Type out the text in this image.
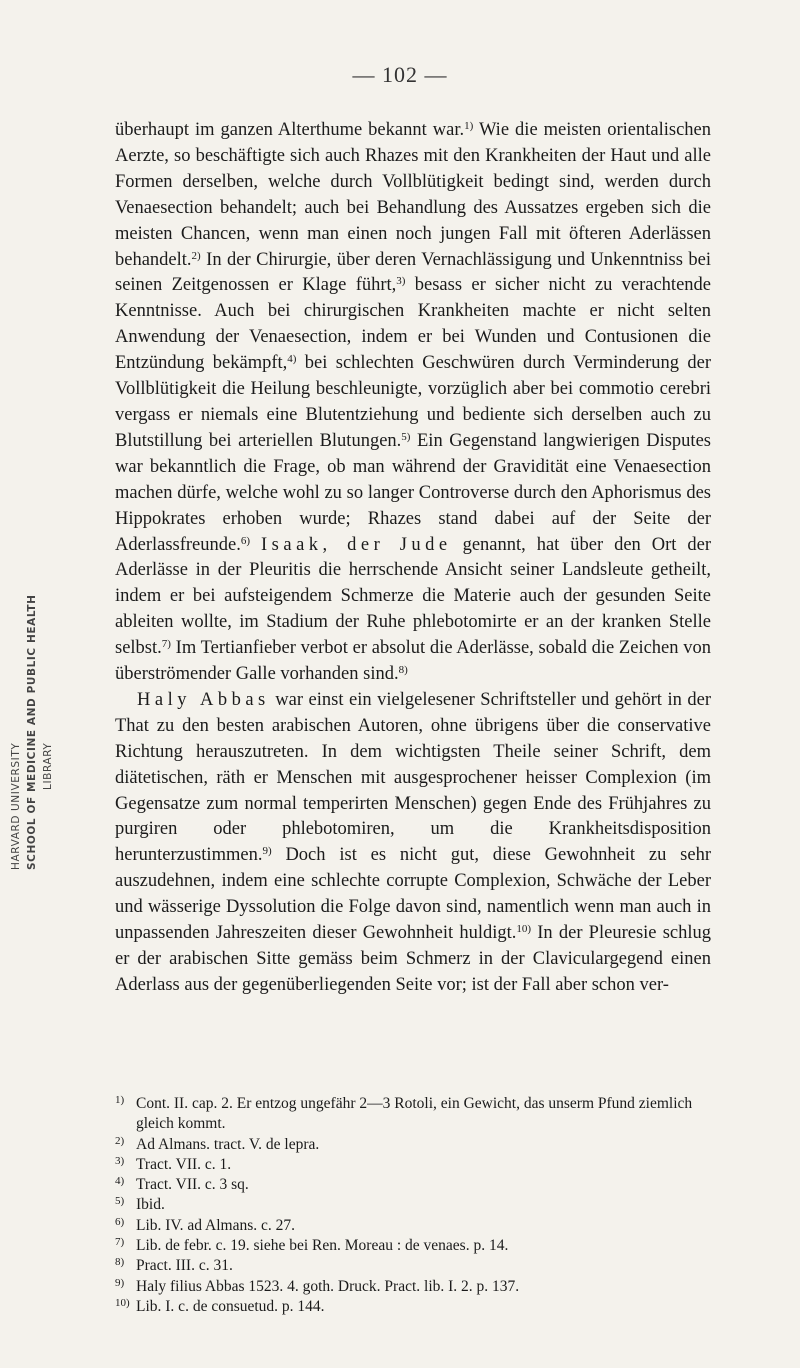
— 102 —
HARVARD UNIVERSITY SCHOOL OF MEDICINE AND PUBLIC HEALTH LIBRARY

überhaupt im ganzen Alterthume bekannt war.$^{1)}$ Wie die meisten orientalischen Aerzte, so beschäftigte sich auch Rhazes mit den Krankheiten der Haut und alle Formen derselben, welche durch Vollblütigkeit bedingt sind, werden durch Venaesection behandelt; auch bei Behandlung des Aussatzes ergeben sich die meisten Chancen, wenn man einen noch jungen Fall mit öfteren Aderlässen behandelt.$^{2)}$ In der Chirurgie, über deren Vernachlässigung und Unkenntniss bei seinen Zeitgenossen er Klage führt,$^{3)}$ besass er sicher nicht zu verachtende Kenntnisse. Auch bei chirurgischen Krankheiten machte er nicht selten Anwendung der Venaesection, indem er bei Wunden und Contusionen die Entzündung bekämpft,$^{4)}$ bei schlechten Geschwüren durch Verminderung der Vollblütigkeit die Heilung beschleunigte, vorzüglich aber bei commotio cerebri vergass er niemals eine Blutentziehung und bediente sich derselben auch zu Blutstillung bei arteriellen Blutungen.$^{5)}$ Ein Gegenstand langwierigen Disputes war bekanntlich die Frage, ob man während der Gravidität eine Venaesection machen dürfe, welche wohl zu so langer Controverse durch den Aphorismus des Hippokrates erhoben wurde; Rhazes stand dabei auf der Seite der Aderlassfreunde.$^{6)}$ Isaak, der Jude genannt, hat über den Ort der Aderlässe in der Pleuritis die herrschende Ansicht seiner Landsleute getheilt, indem er bei aufsteigendem Schmerze die Materie auch der gesunden Seite ableiten wollte, im Stadium der Ruhe phlebotomirte er an der kranken Stelle selbst.$^{7)}$ Im Tertianfieber verbot er absolut die Aderlässe, sobald die Zeichen von überströmender Galle vorhanden sind.$^{8)}$

Haly Abbas war einst ein vielgelesener Schriftsteller und gehört in der That zu den besten arabischen Autoren, ohne übrigens über die conservative Richtung herauszutreten. In dem wichtigsten Theile seiner Schrift, dem diätetischen, räth er Menschen mit ausgesprochener heisser Complexion (im Gegensatze zum normal temperirten Menschen) gegen Ende des Frühjahres zu purgiren oder phlebotomiren, um die Krankheitsdisposition herunterzustimmen.$^{9)}$ Doch ist es nicht gut, diese Gewohnheit zu sehr auszudehnen, indem eine schlechte corrupte Complexion, Schwäche der Leber und wässerige Dyssolution die Folge davon sind, namentlich wenn man auch in unpassenden Jahreszeiten dieser Gewohnheit huldigt.$^{10)}$ In der Pleuresie schlug er der arabischen Sitte gemäss beim Schmerz in der Claviculargegend einen Aderlass aus der gegenüberliegenden Seite vor; ist der Fall aber schon ver-

1) Cont. II. cap. 2. Er entzog ungefähr 2—3 Rotoli, ein Gewicht, das unserm Pfund ziemlich gleich kommt.
2) Ad Almans. tract. V. de lepra.
3) Tract. VII. c. 1.
4) Tract. VII. c. 3 sq.
5) Ibid.
6) Lib. IV. ad Almans. c. 27.
7) Lib. de febr. c. 19. siehe bei Ren. Moreau : de venaes. p. 14.
8) Pract. III. c. 31.
9) Haly filius Abbas 1523. 4. goth. Druck. Pract. lib. I. 2. p. 137.
10) Lib. I. c. de consuetud. p. 144.
